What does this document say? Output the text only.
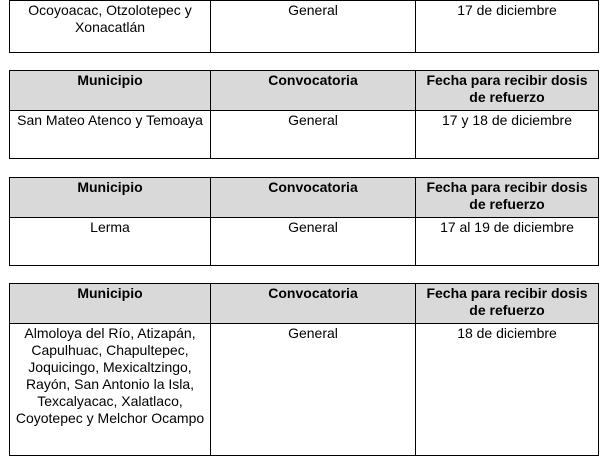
Ocoyoacac, Otzolotepec y Xonacatlán	General	17 de diciembre
Municipio	Convocatoria	Fecha para recibir dosis de refuerzo
San Mateo Atenco y Temoaya	General	17 y 18 de diciembre
Municipio	Convocatoria	Fecha para recibir dosis de refuerzo
Lerma	General	17 al 19 de diciembre
Municipio	Convocatoria	Fecha para recibir dosis de refuerzo
Almoloya del Río, Atizapán, Capulhuac, Chapultepec, Joquicingo, Mexicaltzingo, Rayón, San Antonio la Isla, Texcalyacac, Xalatlaco, Coyotepec y Melchor Ocampo	General	18 de diciembre
